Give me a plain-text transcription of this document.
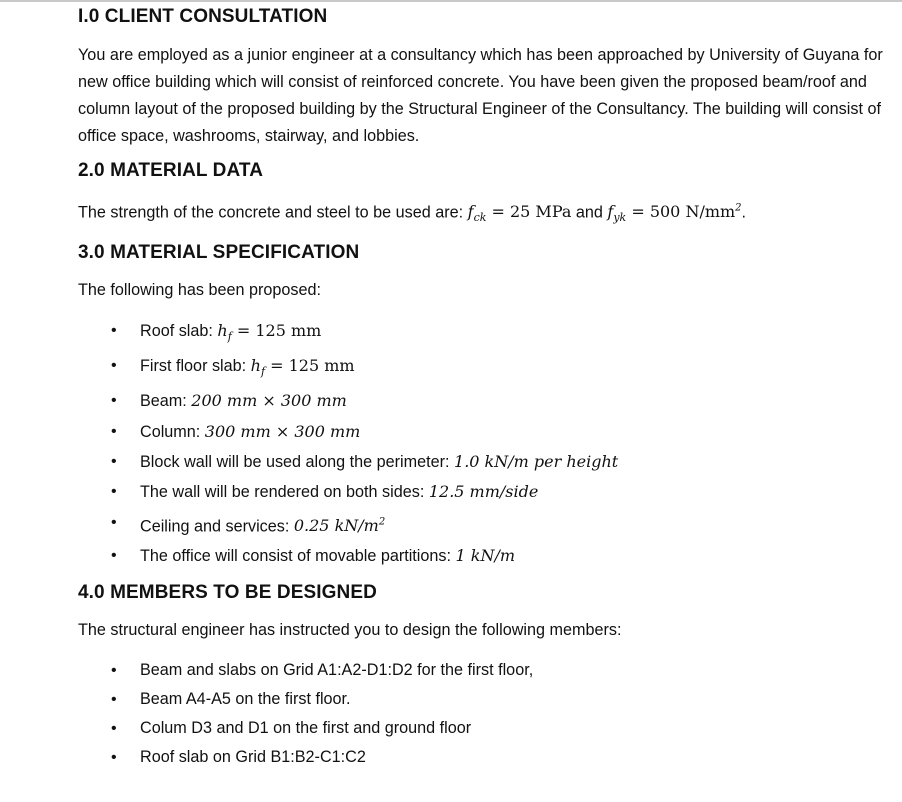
I.0 CLIENT CONSULTATION

You are employed as a junior engineer at a consultancy which has been approached by University of Guyana for new office building which will consist of reinforced concrete. You have been given the proposed beam/roof and column layout of the proposed building by the Structural Engineer of the Consultancy. The building will consist of office space, washrooms, stairway, and lobbies.

2.0 MATERIAL DATA

The strength of the concrete and steel to be used are: $f_{ck} = 25$ MPa and $f_{yk} = 500$ $N/mm^2$.

3.0 MATERIAL SPECIFICATION

The following has been proposed:

• Roof slab: $h_f = 125$ mm
• First floor slab: $h_f = 125$ mm
• Beam: 200 mm × 300 mm
• Column: 300 mm × 300 mm
• Block wall will be used along the perimeter: 1.0 kN/m per height
• The wall will be rendered on both sides: 12.5 mm/side
• Ceiling and services: 0.25 $kN/m^2$
• The office will consist of movable partitions: 1 kN/m
4.0 MEMBERS TO BE DESIGNED

The structural engineer has instructed you to design the following members:

• Beam and slabs on Grid A1:A2-D1:D2 for the first floor,
• Beam A4-A5 on the first floor.
• Colum D3 and D1 on the first and ground floor
• Roof slab on Grid B1:B2-C1:C2
